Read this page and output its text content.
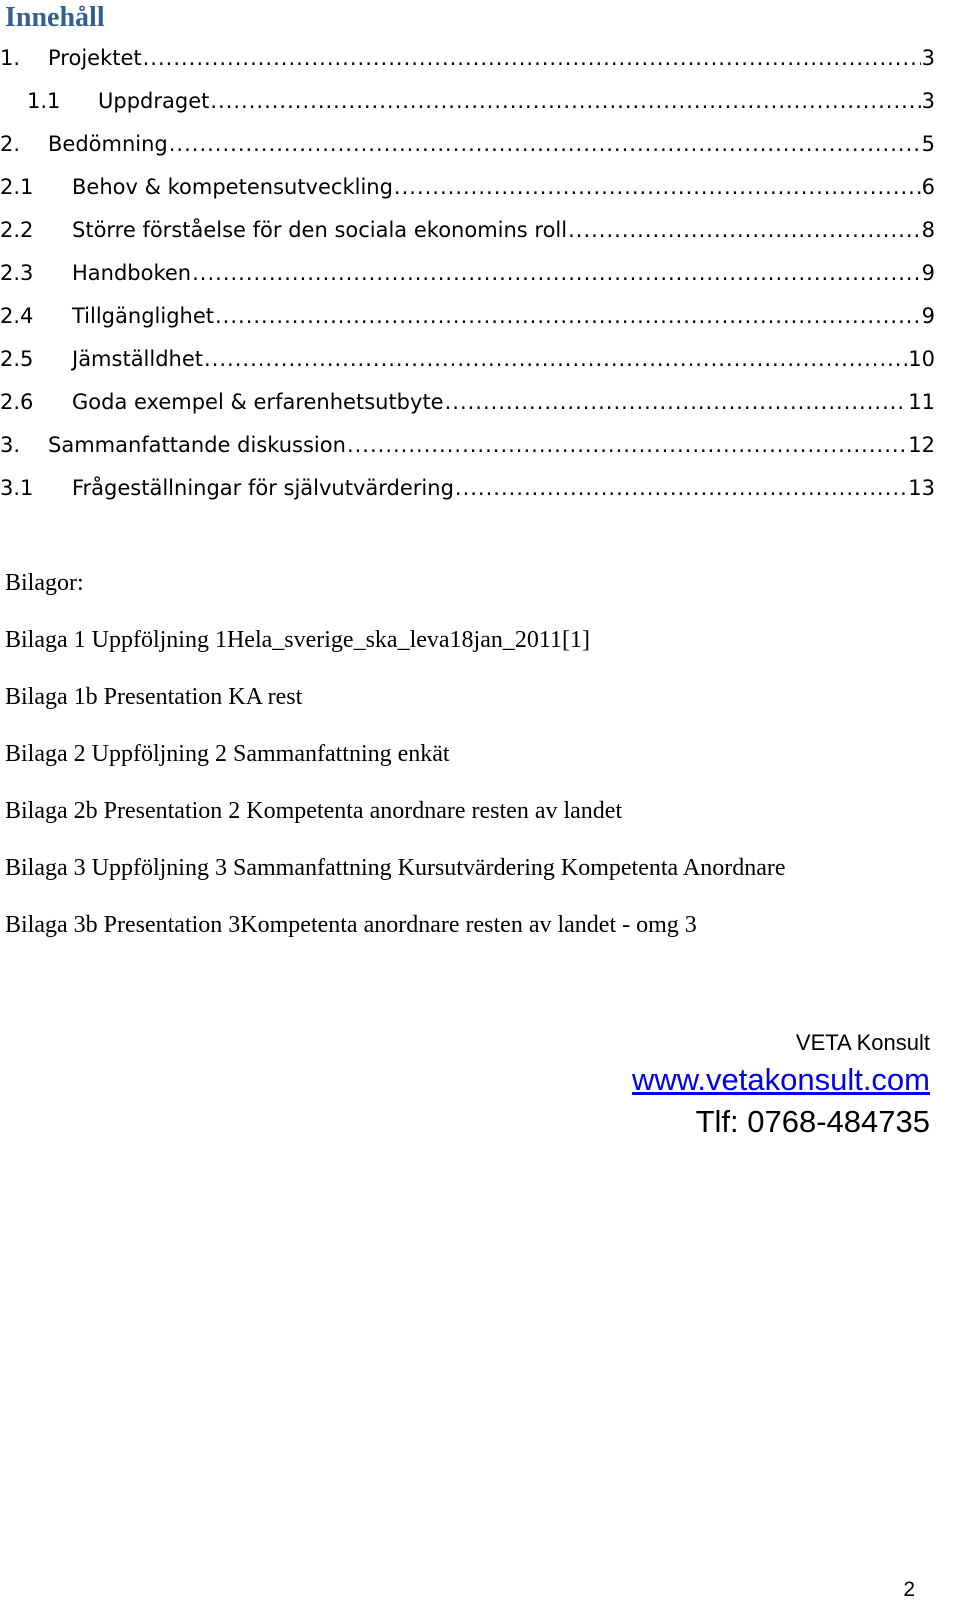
Innehåll
1.	Projektet .....	3
1.1	Uppdraget .....	3
2.	Bedömning .....	5
2.1	Behov & kompetensutveckling .....	6
2.2	Större förståelse för den sociala ekonomins roll .....	8
2.3	Handboken .....	9
2.4	Tillgänglighet .....	9
2.5	Jämställdhet .....	10
2.6	Goda exempel & erfarenhetsutbyte .....	11
3.	Sammanfattande diskussion .....	12
3.1	Frågeställningar för självutvärdering .....	13
Bilagor:
Bilaga 1 Uppföljning 1Hela_sverige_ska_leva18jan_2011[1]
Bilaga 1b Presentation KA rest
Bilaga 2 Uppföljning 2 Sammanfattning enkät
Bilaga 2b Presentation 2 Kompetenta anordnare resten av landet
Bilaga 3 Uppföljning 3 Sammanfattning Kursutvärdering Kompetenta Anordnare
Bilaga 3b Presentation 3Kompetenta anordnare resten av landet - omg 3
VETA Konsult
www.vetakonsult.com
Tlf: 0768-484735
2
